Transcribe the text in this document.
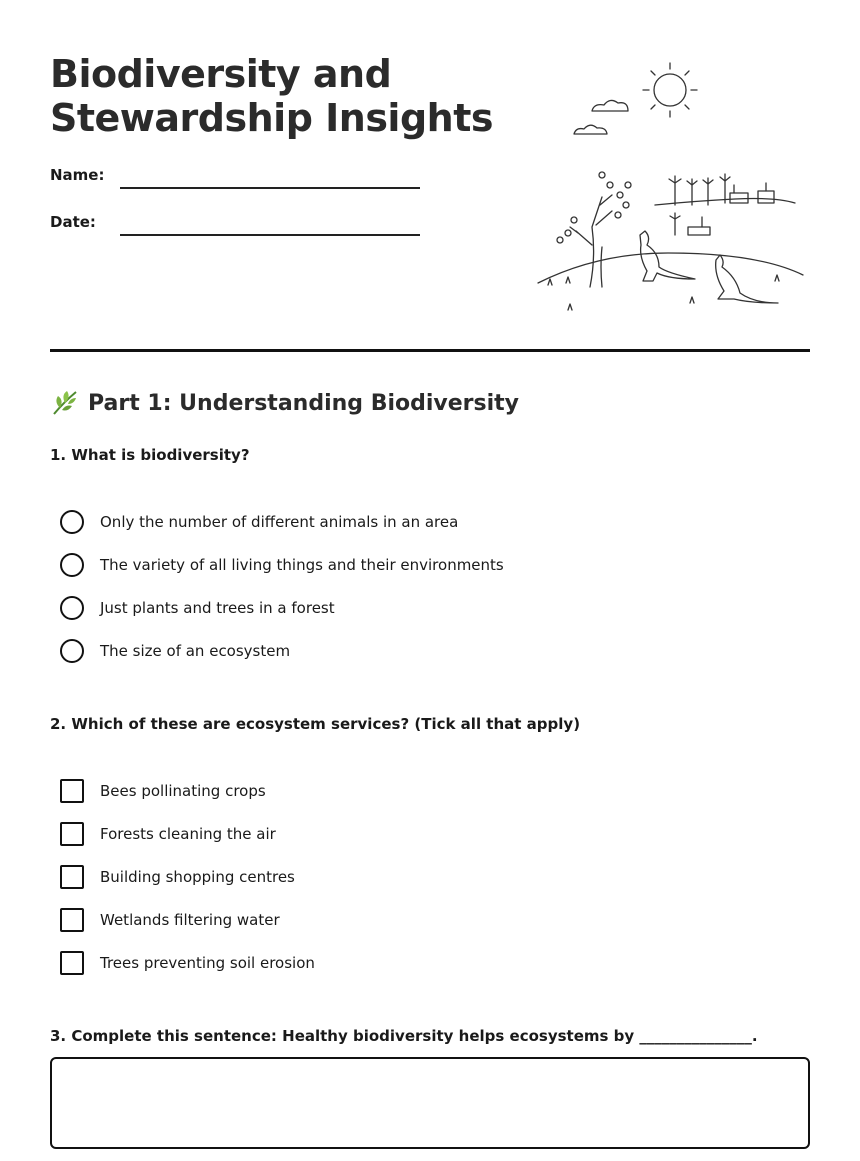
Biodiversity and
Stewardship Insights
Name:
Date:
Part 1: Understanding Biodiversity

1. What is biodiversity?

Only the number of different animals in an area
The variety of all living things and their environments
Just plants and trees in a forest
The size of an ecosystem

2. Which of these are ecosystem services? (Tick all that apply)

Bees pollinating crops
Forests cleaning the air
Building shopping centres
Wetlands filtering water
Trees preventing soil erosion

3. Complete this sentence: Healthy biodiversity helps ecosystems by _______________.
